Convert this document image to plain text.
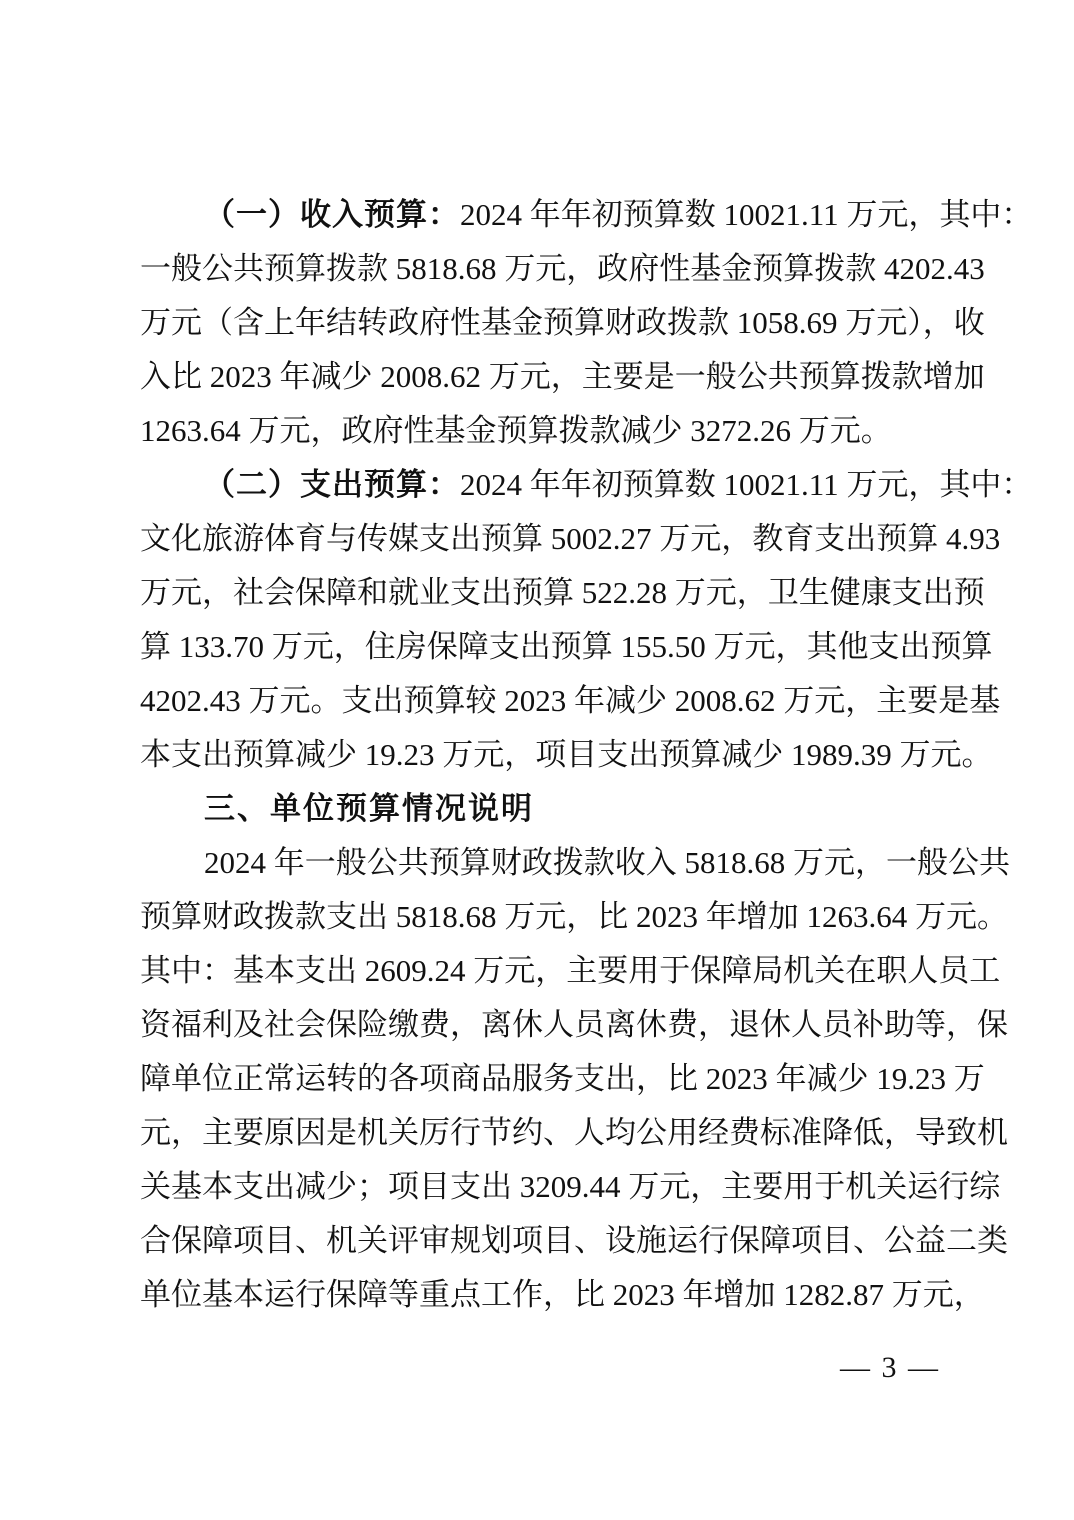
（一）收入预算：2024 年年初预算数 10021.11 万元，其中：
一般公共预算拨款 5818.68 万元，政府性基金预算拨款 4202.43
万元（含上年结转政府性基金预算财政拨款 1058.69 万元），收
入比 2023 年减少 2008.62 万元，主要是一般公共预算拨款增加
1263.64 万元，政府性基金预算拨款减少 3272.26 万元。
（二）支出预算：2024 年年初预算数 10021.11 万元，其中：
文化旅游体育与传媒支出预算 5002.27 万元，教育支出预算 4.93
万元，社会保障和就业支出预算 522.28 万元，卫生健康支出预
算 133.70 万元，住房保障支出预算 155.50 万元，其他支出预算
4202.43 万元。支出预算较 2023 年减少 2008.62 万元，主要是基
本支出预算减少 19.23 万元，项目支出预算减少 1989.39 万元。
三、单位预算情况说明
2024 年一般公共预算财政拨款收入 5818.68 万元，一般公共
预算财政拨款支出 5818.68 万元，比 2023 年增加 1263.64 万元。
其中：基本支出 2609.24 万元，主要用于保障局机关在职人员工
资福利及社会保险缴费，离休人员离休费，退休人员补助等，保
障单位正常运转的各项商品服务支出，比 2023 年减少 19.23 万
元，主要原因是机关厉行节约、人均公用经费标准降低，导致机
关基本支出减少；项目支出 3209.44 万元，主要用于机关运行综
合保障项目、机关评审规划项目、设施运行保障项目、公益二类
单位基本运行保障等重点工作，比 2023 年增加 1282.87 万元，
— 3 —
